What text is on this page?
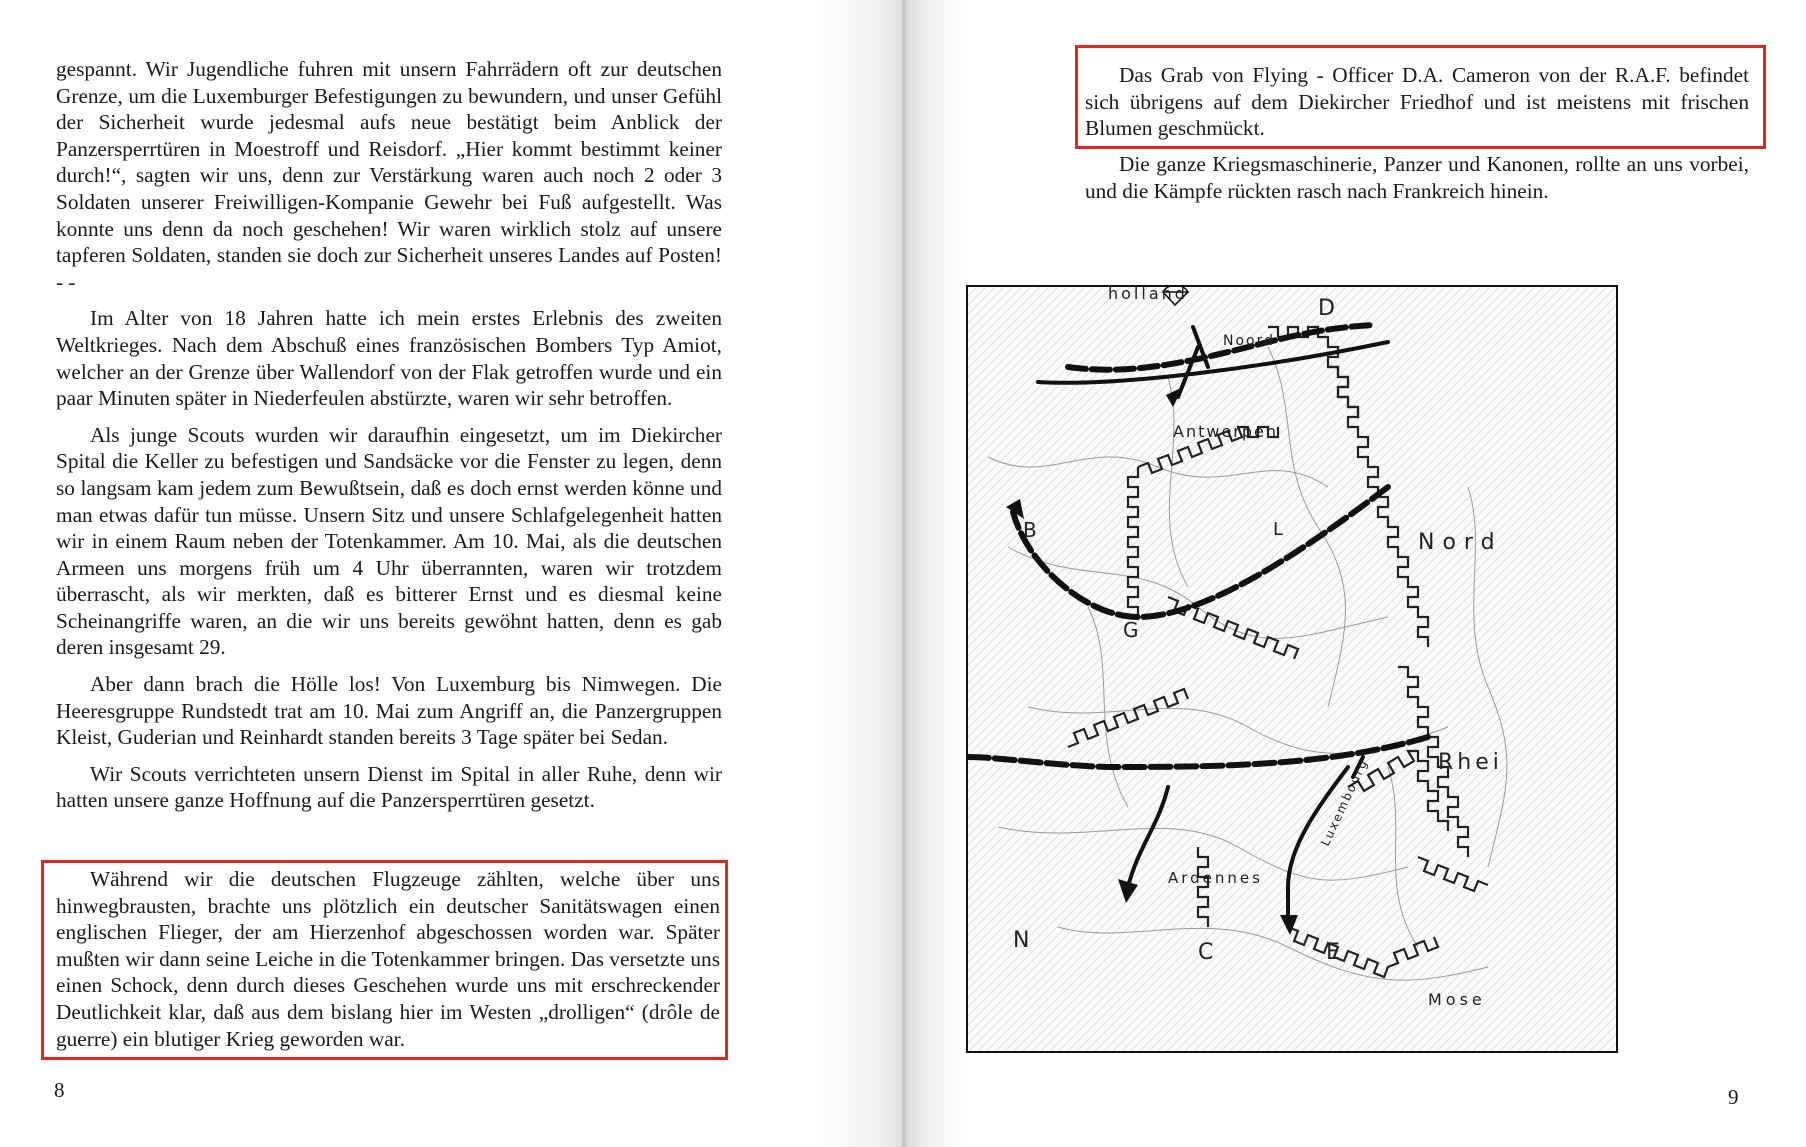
gespannt. Wir Jugendliche fuhren mit unsern Fahrrädern oft zur deutschen Grenze, um die Luxemburger Befestigungen zu bewundern, und unser Gefühl der Sicherheit wurde jedesmal aufs neue bestätigt beim Anblick der Panzersperrtüren in Moestroff und Reisdorf. „Hier kommt bestimmt keiner durch!“, sagten wir uns, denn zur Verstärkung waren auch noch 2 oder 3 Soldaten unserer Freiwilligen-Kompanie Gewehr bei Fuß aufgestellt. Was konnte uns denn da noch geschehen! Wir waren wirklich stolz auf unsere tapferen Soldaten, standen sie doch zur Sicherheit unseres Landes auf Posten! - -

Im Alter von 18 Jahren hatte ich mein erstes Erlebnis des zweiten Weltkrieges. Nach dem Abschuß eines französischen Bombers Typ Amiot, welcher an der Grenze über Wallendorf von der Flak getroffen wurde und ein paar Minuten später in Niederfeulen abstürzte, waren wir sehr betroffen.

Als junge Scouts wurden wir daraufhin eingesetzt, um im Diekircher Spital die Keller zu befestigen und Sandsäcke vor die Fenster zu legen, denn so langsam kam jedem zum Bewußtsein, daß es doch ernst werden könne und man etwas dafür tun müsse. Unsern Sitz und unsere Schlafgelegenheit hatten wir in einem Raum neben der Totenkammer. Am 10. Mai, als die deutschen Armeen uns morgens früh um 4 Uhr überrannten, waren wir trotzdem überrascht, als wir merkten, daß es bitterer Ernst und es diesmal keine Scheinangriffe waren, an die wir uns bereits gewöhnt hatten, denn es gab deren insgesamt 29.

Aber dann brach die Hölle los! Von Luxemburg bis Nimwegen. Die Heeresgruppe Rundstedt trat am 10. Mai zum Angriff an, die Panzergruppen Kleist, Guderian und Reinhardt standen bereits 3 Tage später bei Sedan.

Wir Scouts verrichteten unsern Dienst im Spital in aller Ruhe, denn wir hatten unsere ganze Hoffnung auf die Panzersperrtüren gesetzt.

Während wir die deutschen Flugzeuge zählten, welche über uns hinwegbrausten, brachte uns plötzlich ein deutscher Sanitätswagen einen englischen Flieger, der am Hierzenhof abgeschossen worden war. Später mußten wir dann seine Leiche in die Totenkammer bringen. Das versetzte uns einen Schock, denn durch dieses Geschehen wurde uns mit erschreckender Deutlichkeit klar, daß aus dem bislang hier im Westen „drolligen“ (drôle de guerre) ein blutiger Krieg geworden war.

8

Das Grab von Flying - Officer D.A. Cameron von der R.A.F. befindet sich übrigens auf dem Diekircher Friedhof und ist meistens mit frischen Blumen geschmückt.

Die ganze Kriegsmaschinerie, Panzer und Kanonen, rollte an uns vorbei, und die Kämpfe rückten rasch nach Frankreich hinein.

holland
Noord
Antwerpen
Nord
Rhei
Ardennes
Mose
N	C	E
D
B
G
L
Luxembourg
9
